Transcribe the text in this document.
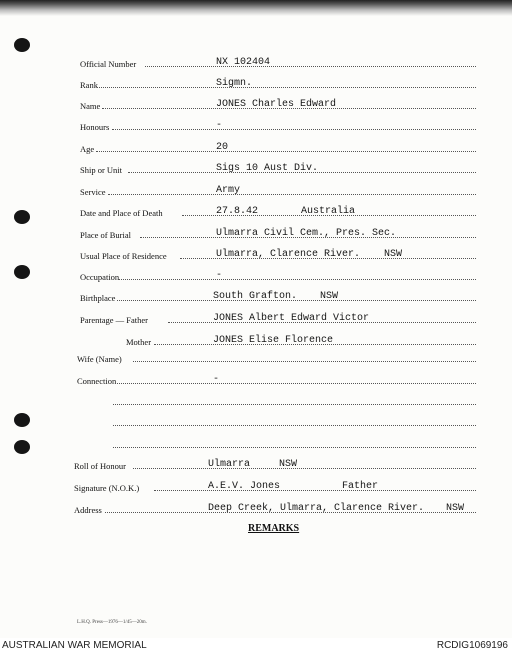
Official Number	NX 102404
Rank	Sigmn.
Name	JONES Charles Edward
Honours	-
Age	20
Ship or Unit	Sigs 10 Aust Div.
Service	Army
Date and Place of Death	27.8.42	Australia
Place of Burial	Ulmarra Civil Cem., Pres. Sec.
Usual Place of Residence	Ulmarra, Clarence River. NSW
Occupation	-
Birthplace	South Grafton. NSW
Parentage — Father	JONES Albert Edward Victor
Mother	JONES Elise Florence
Wife (Name)
Connection	-
Roll of Honour	Ulmarra	NSW
Signature (N.O.K.)	A.E.V. Jones	Father
Address	Deep Creek, Ulmarra, Clarence River. NSW
REMARKS
L.H.Q. Press—1976—1/45—20m.
AUSTRALIAN WAR MEMORIAL	RCDIG1069196
